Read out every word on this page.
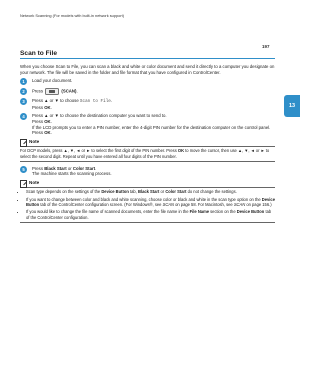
Network Scanning (For models with built-in network support)
197
13
Scan to File

When you choose Scan to File, you can scan a black and white or color document and send it directly to a computer you designate on your network. The file will be saved in the folder and file format that you have configured in ControlCenter.

1	Load your document.
2	Press	(SCAN).
3	Press ▲ or ▼ to choose Scan to File.
Press OK.
4	Press ▲ or ▼ to choose the destination computer you want to send to.
Press OK.
If the LCD prompts you to enter a PIN number, enter the 4-digit PIN number for the destination computer on the control panel.
Press OK.
Note

For DCP models, press ▲, ▼, ◄ or ► to select the first digit of the PIN number. Press OK to move the cursor, then use ▲, ▼, ◄ or ► to select the second digit. Repeat until you have entered all four digits of the PIN number.

5	Press Black Start or Color Start.
The machine starts the scanning process.
Note
• Scan type depends on the settings of the Device Button tab, Black Start or Color Start do not change the settings.
• If you want to change between color and black and white scanning, choose color or black and white in the scan type option on the Device Button tab of the ControlCenter configuration screen. (For Windows®, see SCAN on page 58. For Macintosh, see SCAN on page 156.)
• If you would like to change the file name of scanned documents, enter the file name in the File Name section on the Device Button tab of the ControlCenter configuration.
